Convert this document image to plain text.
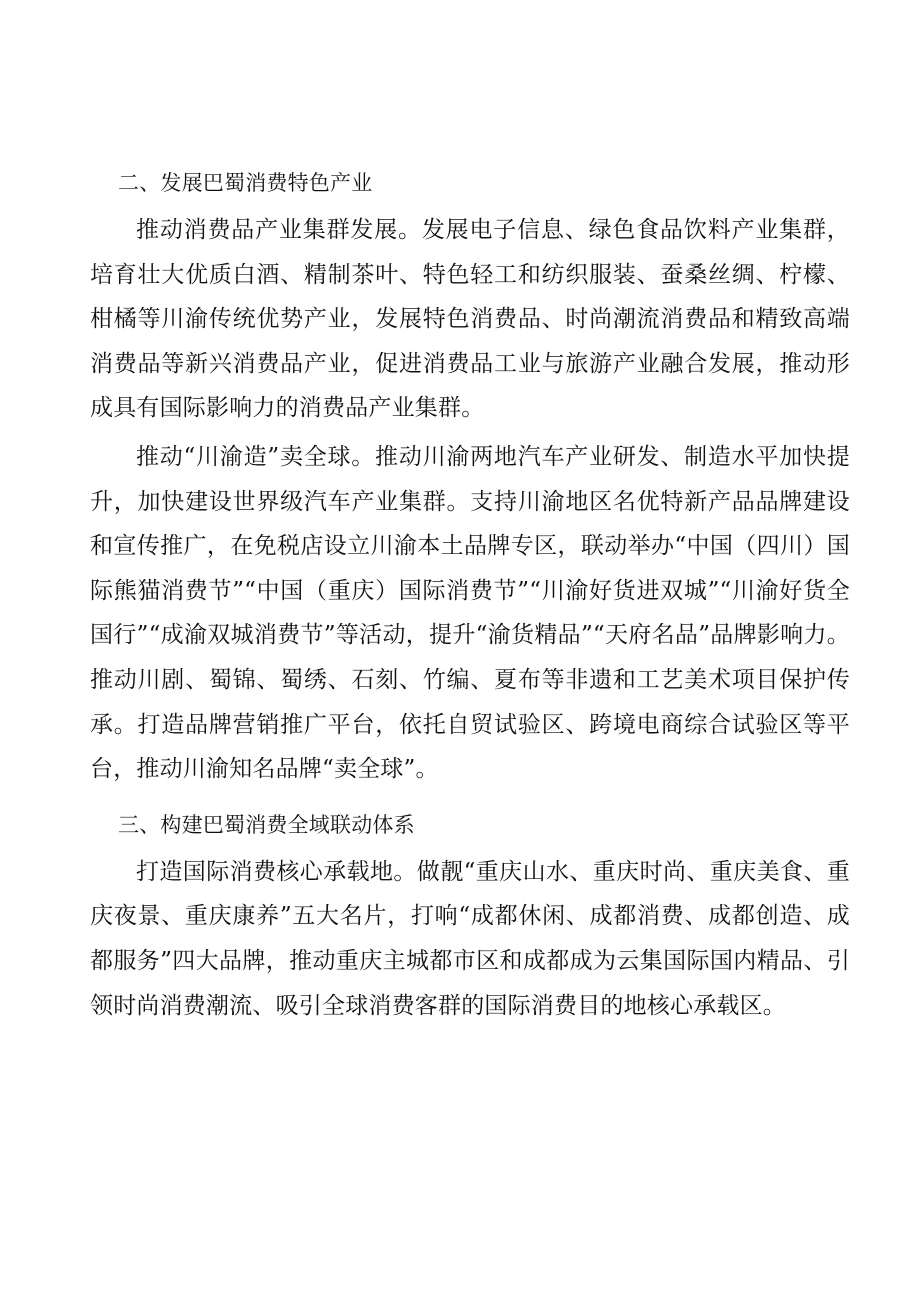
二、发展巴蜀消费特色产业

推动消费品产业集群发展。发展电子信息、绿色食品饮料产业集群，培育壮大优质白酒、精制茶叶、特色轻工和纺织服装、蚕桑丝绸、柠檬、柑橘等川渝传统优势产业，发展特色消费品、时尚潮流消费品和精致高端消费品等新兴消费品产业，促进消费品工业与旅游产业融合发展，推动形成具有国际影响力的消费品产业集群。

推动“川渝造”卖全球。推动川渝两地汽车产业研发、制造水平加快提升，加快建设世界级汽车产业集群。支持川渝地区名优特新产品品牌建设和宣传推广，在免税店设立川渝本土品牌专区，联动举办“中国（四川）国际熊猫消费节”“中国（重庆）国际消费节”“川渝好货进双城”“川渝好货全国行”“成渝双城消费节”等活动，提升“渝货精品”“天府名品”品牌影响力。推动川剧、蜀锦、蜀绣、石刻、竹编、夏布等非遗和工艺美术项目保护传承。打造品牌营销推广平台，依托自贸试验区、跨境电商综合试验区等平台，推动川渝知名品牌“卖全球”。

三、构建巴蜀消费全域联动体系

打造国际消费核心承载地。做靓“重庆山水、重庆时尚、重庆美食、重庆夜景、重庆康养”五大名片，打响“成都休闲、成都消费、成都创造、成都服务”四大品牌，推动重庆主城都市区和成都成为云集国际国内精品、引领时尚消费潮流、吸引全球消费客群的国际消费目的地核心承载区。
